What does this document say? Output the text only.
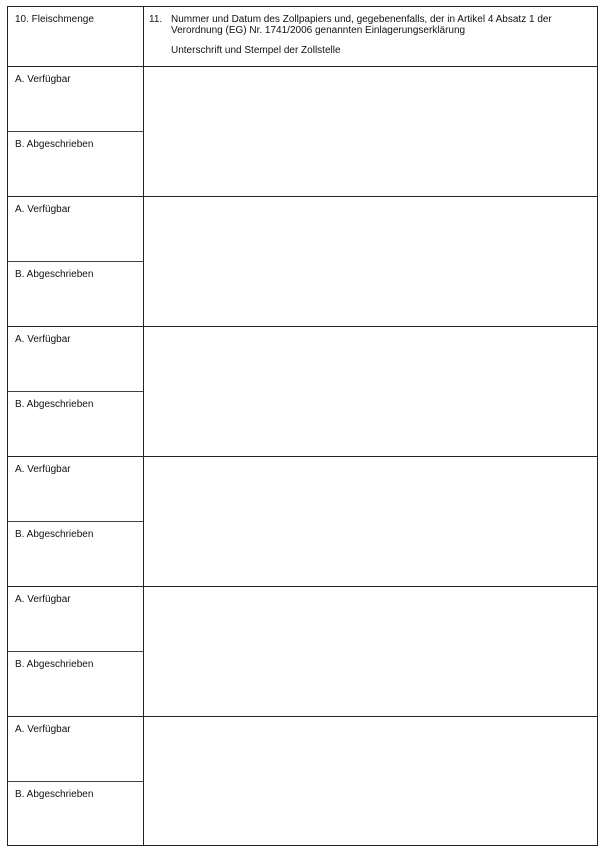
10. Fleischmenge	11. Nummer und Datum des Zollpapiers und, gegebenenfalls, der in Artikel 4 Absatz 1 der Verordnung (EG) Nr. 1741/2006 genannten Einlagerungserklärung
Unterschrift und Stempel der Zollstelle
A. Verfügbar
B. Abgeschrieben
A. Verfügbar
B. Abgeschrieben
A. Verfügbar
B. Abgeschrieben
A. Verfügbar
B. Abgeschrieben
A. Verfügbar
B. Abgeschrieben
A. Verfügbar
B. Abgeschrieben
